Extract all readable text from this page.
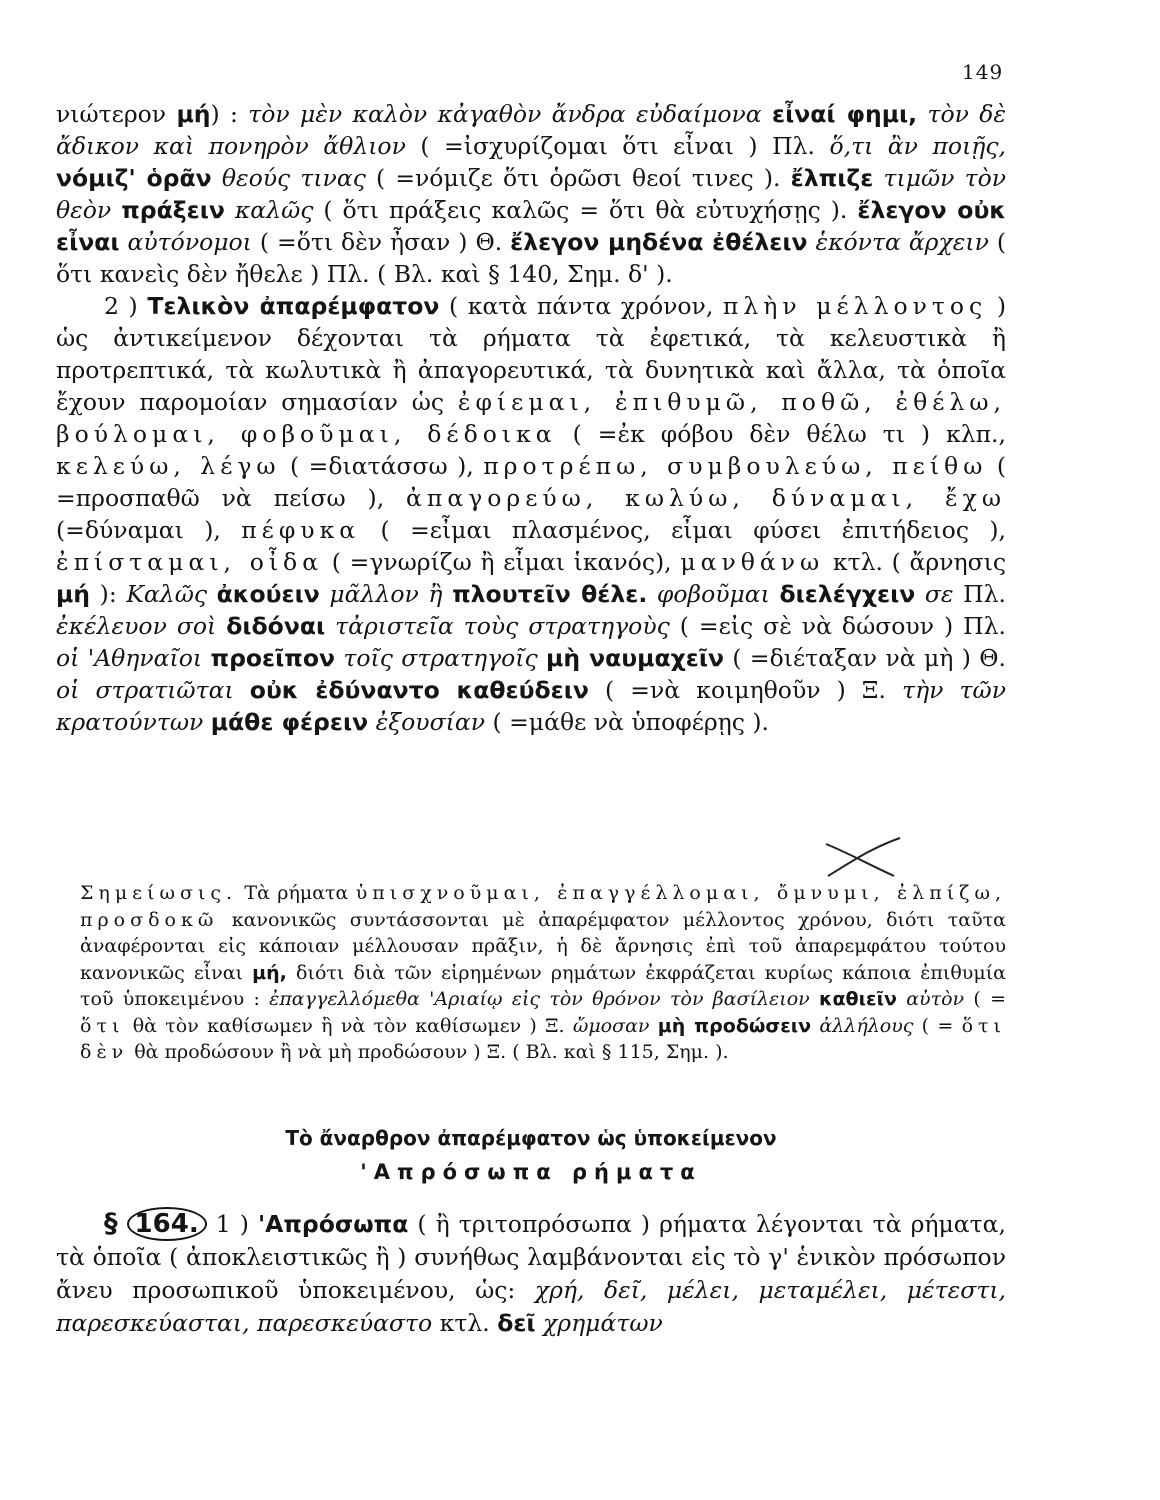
149

νιώτερον μή) : τὸν μὲν καλὸν κἀγαθὸν ἄνδρα εὐδαίμονα εἶναί φημι, τὸν δὲ ἄδικον καὶ πονηρὸν ἄθλιον ( =ἰσχυρίζομαι ὅτι εἶναι ) Πλ. ὅ,τι ἂν ποιῇς, νόμιζ' ὁρᾶν θεούς τινας ( =νόμιζε ὅτι ὁρῶσι θεοί τινες ). ἔλπιζε τιμῶν τὸν θεὸν πράξειν καλῶς ( ὅτι πράξεις καλῶς = ὅτι θὰ εὐτυχήσῃς ). ἔλεγον οὐκ εἶναι αὐτόνομοι ( =ὅτι δὲν ἦσαν ) Θ. ἔλεγον μηδένα ἐθέλειν ἑκόντα ἄρχειν ( ὅτι κανεὶς δὲν ἤθελε ) Πλ. ( Βλ. καὶ § 140, Σημ. δ' ).

2 ) Τελικὸν ἀπαρέμφατον ( κατὰ πάντα χρόνον, πλὴν μέλλοντος ) ὡς ἀντικείμενον δέχονται τὰ ρήματα τὰ ἐφετικά, τὰ κελευστικὰ ἢ προτρεπτικά, τὰ κωλυτικὰ ἢ ἀπαγορευτικά, τὰ δυνητικὰ καὶ ἄλλα, τὰ ὁποῖα ἔχουν παρομοίαν σημασίαν ὡς ἐφίεμαι, ἐπιθυμῶ, ποθῶ, ἐθέλω, βούλομαι, φοβοῦμαι, δέδοικα ( =ἐκ φόβου δὲν θέλω τι ) κλπ., κελεύω, λέγω ( =διατάσσω ), προτρέπω, συμβουλεύω, πείθω ( =προσπαθῶ νὰ πείσω ), ἀπαγορεύω, κωλύω, δύναμαι, ἔχω (=δύναμαι ), πέφυκα ( =εἶμαι πλασμένος, εἶμαι φύσει ἐπιτήδειος ), ἐπίσταμαι, οἶδα ( =γνωρίζω ἢ εἶμαι ἱκανός), μανθάνω κτλ. ( ἄρνησις μή ): Καλῶς ἀκούειν μᾶλλον ἢ πλουτεῖν θέλε. φοβοῦμαι διελέγχειν σε Πλ. ἐκέλευον σοὶ διδόναι τἀριστεῖα τοὺς στρατηγοὺς ( =εἰς σὲ νὰ δώσουν ) Πλ. οἱ 'Αθηναῖοι προεῖπον τοῖς στρατηγοῖς μὴ ναυμαχεῖν ( =διέταξαν νὰ μὴ ) Θ. οἱ στρατιῶται οὐκ ἐδύναντο καθεύδειν ( =νὰ κοιμηθοῦν ) Ξ. τὴν τῶν κρατούντων μάθε φέρειν ἐξουσίαν ( =μάθε νὰ ὑποφέρῃς ).

Σημείωσις. Τὰ ρήματα ὑπισχνοῦμαι, ἐπαγγέλλομαι, ὄμνυμι, ἐλπίζω, προσδοκῶ κανονικῶς συντάσσονται μὲ ἀπαρέμφατον μέλλοντος χρόνου, διότι ταῦτα ἀναφέρονται εἰς κάποιαν μέλλουσαν πρᾶξιν, ἡ δὲ ἄρνησις ἐπὶ τοῦ ἀπαρεμφάτου τούτου κανονικῶς εἶναι μή, διότι διὰ τῶν εἰρημένων ρημάτων ἐκφράζεται κυρίως κάποια ἐπιθυμία τοῦ ὑποκειμένου : ἐπαγγελλόμεθα 'Αριαίῳ εἰς τὸν θρόνον τὸν βασίλειον καθιεῖν αὐτὸν ( = ὅτι θὰ τὸν καθίσωμεν ἢ νὰ τὸν καθίσωμεν ) Ξ. ὤμοσαν μὴ προδώσειν ἀλλήλους ( = ὅτι δὲν θὰ προδώσουν ἢ νὰ μὴ προδώσουν ) Ξ. ( Βλ. καὶ § 115, Σημ. ).

Τὸ ἄναρθρον ἀπαρέμφατον ὡς ὑποκείμενον
'Απρόσωπα ρήματα

§ 164. 1 ) 'Απρόσωπα ( ἢ τριτοπρόσωπα ) ρήματα λέγονται τὰ ρήματα, τὰ ὁποῖα ( ἀποκλειστικῶς ἢ ) συνήθως λαμβάνονται εἰς τὸ γ' ἑνικὸν πρόσωπον ἄνευ προσωπικοῦ ὑποκειμένου, ὡς: χρή, δεῖ, μέλει, μεταμέλει, μέτεστι, παρεσκεύασται, παρεσκεύαστο κτλ. δεῖ χρημάτων
